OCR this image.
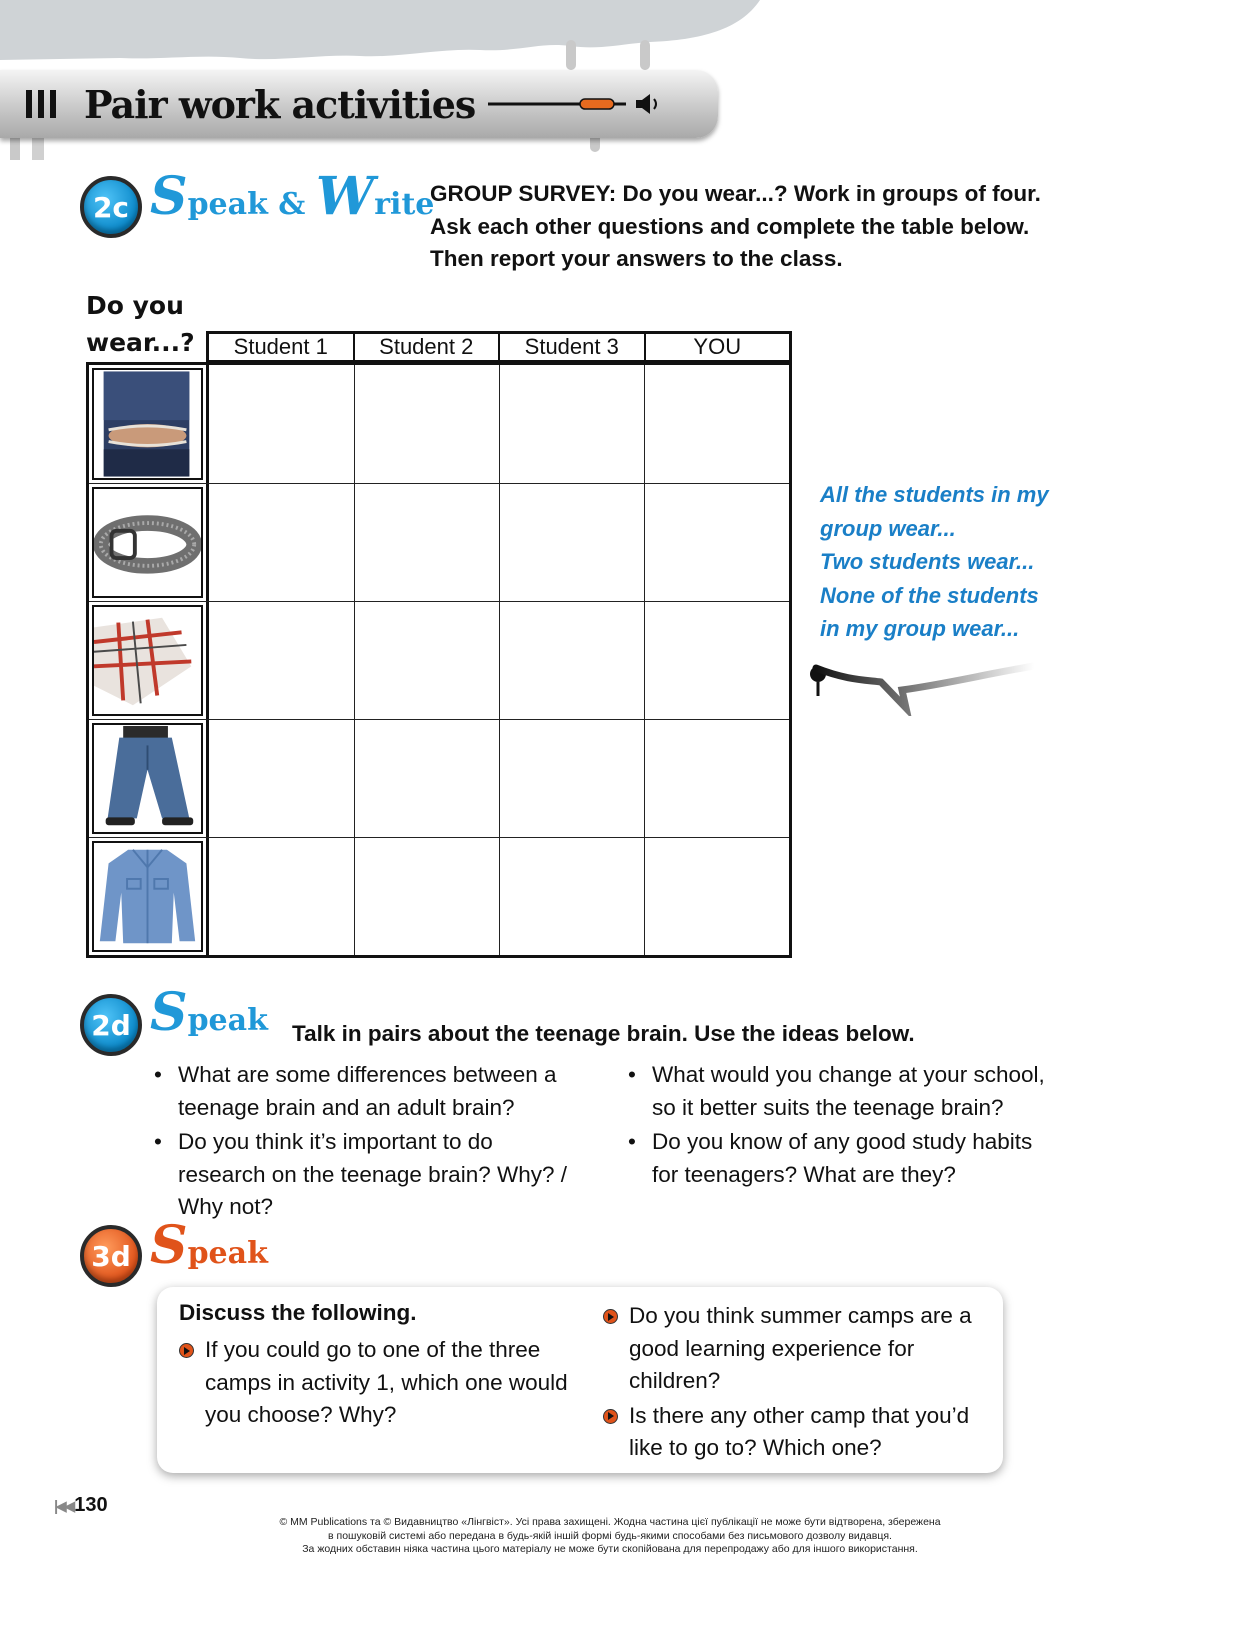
Pair work activities
2c Speak & Write
GROUP SURVEY: Do you wear...? Work in groups of four.
Ask each other questions and complete the table below.
Then report your answers to the class.
Do you
wear...?	Student 1	Student 2	Student 3	YOU
All the students in my
group wear...
Two students wear...
None of the students
in my group wear...
2d Speak Talk in pairs about the teenage brain. Use the ideas below.
• What are some differences between a teenage brain and an adult brain?
• Do you think it’s important to do research on the teenage brain? Why? / Why not?
• What would you change at your school, so it better suits the teenage brain?
• Do you know of any good study habits for teenagers? What are they?
3d Speak
Discuss the following.
If you could go to one of the three camps in activity 1, which one would you choose? Why?
Do you think summer camps are a good learning experience for children?
Is there any other camp that you’d like to go to? Which one?
|◀◀ 130
© MM Publications та © Видавництво «Лінгвіст». Усі права захищені. Жодна частина цієї публікації не може бути відтворена, збережена
в пошуковій системі або передана в будь-якій іншій формі будь-якими способами без письмового дозволу видавця.
За жодних обставин ніяка частина цього матеріалу не може бути скопійована для перепродажу або для іншого використання.
